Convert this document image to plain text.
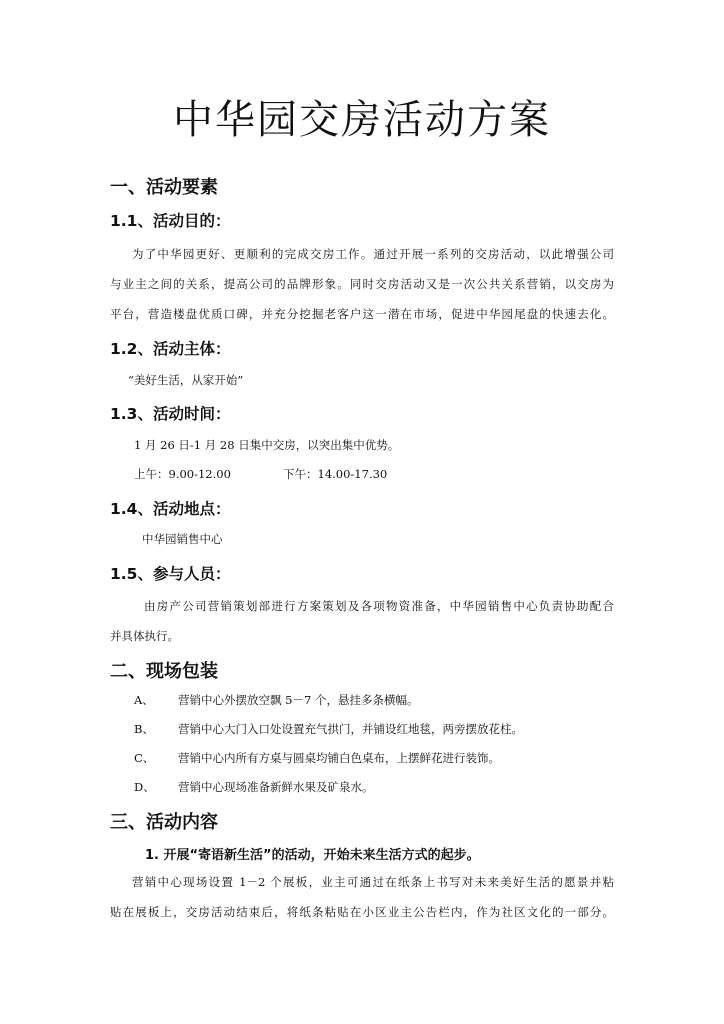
中华园交房活动方案
一、活动要素
1.1、活动目的：

为了中华园更好、更顺利的完成交房工作。通过开展一系列的交房活动，以此增强公司

与业主之间的关系，提高公司的品牌形象。同时交房活动又是一次公共关系营销，以交房为

平台，营造楼盘优质口碑，并充分挖掘老客户这一潜在市场，促进中华园尾盘的快速去化。

1.2、活动主体：

“美好生活，从家开始”

1.3、活动时间：

1 月 26 日-1 月 28 日集中交房，以突出集中优势。

上午：9.00-12.00	下午：14.00-17.30

1.4、活动地点：

中华园销售中心

1.5、参与人员：

由房产公司营销策划部进行方案策划及各项物资准备，中华园销售中心负责协助配合

并具体执行。

二、现场包装

A、 营销中心外摆放空飘 5－7 个，悬挂多条横幅。

B、 营销中心大门入口处设置充气拱门，并铺设红地毯，两旁摆放花柱。

C、 营销中心内所有方桌与圆桌均铺白色桌布，上摆鲜花进行装饰。

D、 营销中心现场准备新鲜水果及矿泉水。

三、活动内容

1. 开展“寄语新生活”的活动，开始未来生活方式的起步。

营销中心现场设置 1－2 个展板，业主可通过在纸条上书写对未来美好生活的愿景并粘

贴在展板上，交房活动结束后，将纸条粘贴在小区业主公告栏内，作为社区文化的一部分。
